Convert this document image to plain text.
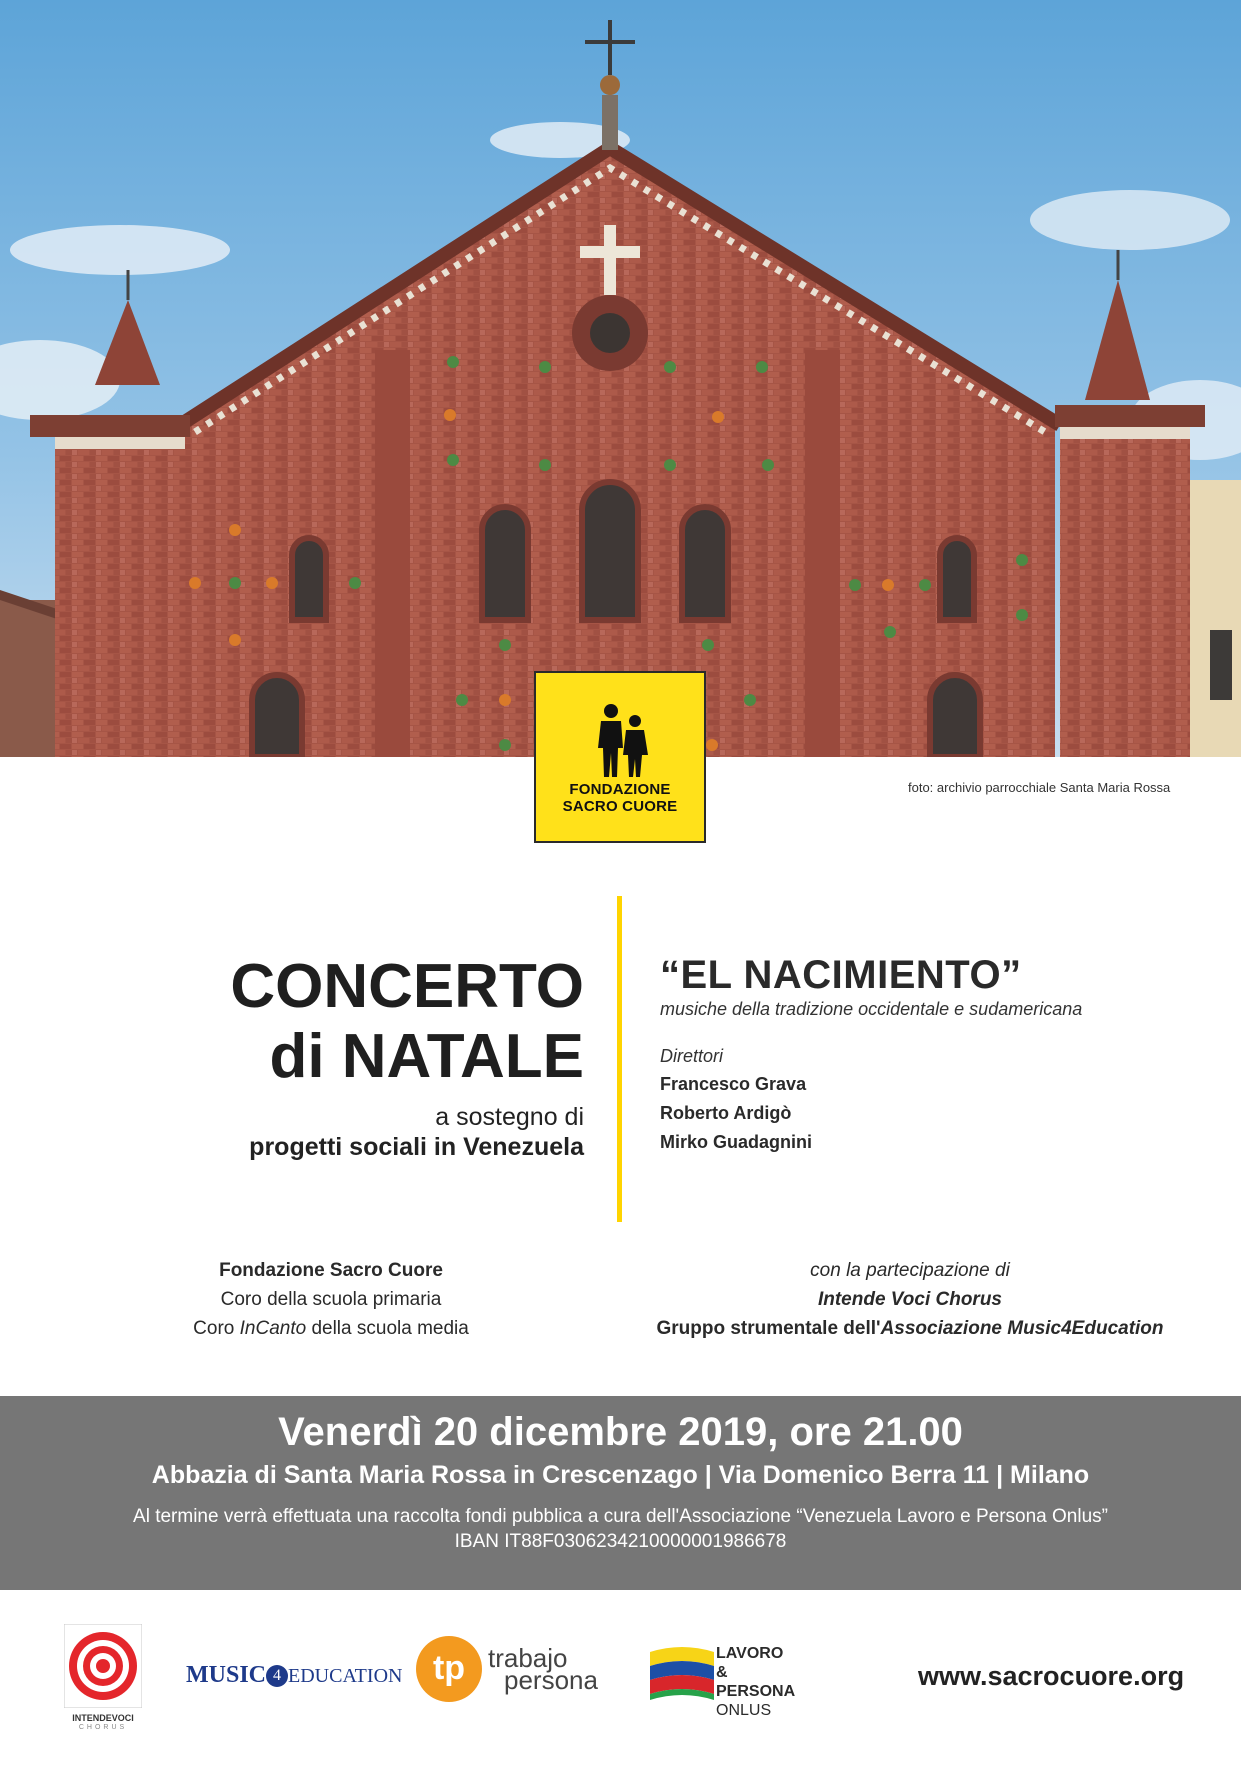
FONDAZIONE
SACRO CUORE
foto: archivio parrocchiale Santa Maria Rossa
CONCERTO
di NATALE
a sostegno di
progetti sociali in Venezuela
“EL NACIMIENTO”
musiche della tradizione occidentale e sudamericana
Direttori
Francesco Grava
Roberto Ardigò
Mirko Guadagnini
Fondazione Sacro Cuore
Coro della scuola primaria
Coro InCanto della scuola media
con la partecipazione di
Intende Voci Chorus
Gruppo strumentale dell'Associazione Music4Education
Venerdì 20 dicembre 2019, ore 21.00
Abbazia di Santa Maria Rossa in Crescenzago | Via Domenico Berra 11 | Milano
Al termine verrà effettuata una raccolta fondi pubblica a cura dell'Associazione “Venezuela Lavoro e Persona Onlus”
IBAN IT88F0306234210000001986678
INTENDEVOCI
CHORUS
MUSIC 4 EDUCATION tp trabajo
persona
LAVORO
& PERSONA
ONLUS
www.sacrocuore.org
